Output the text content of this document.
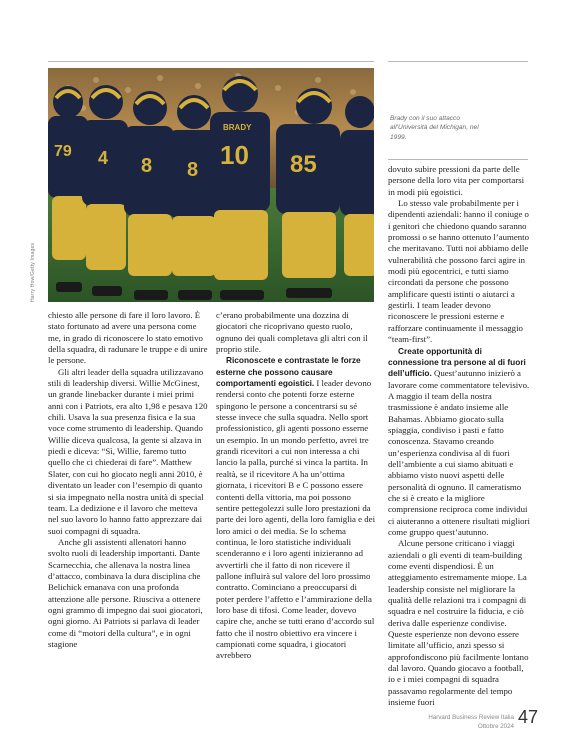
79 4 8 8
BRADY
10 85
Harry How/Getty Images
Brady con il suo attacco all’Università del Michigan, nel 1999.

chiesto alle persone di fare il loro lavoro. È stato fortunato ad avere una persona come me, in grado di riconoscere lo stato emotivo della squadra, di radunare le truppe e di unire le persone.

Gli altri leader della squadra utilizzavano stili di leadership diversi. Willie McGinest, un grande linebacker durante i miei primi anni con i Patriots, era alto 1,98 e pesava 120 chili. Usava la sua presenza fisica e la sua voce come strumento di leadership. Quando Willie diceva qualcosa, la gente si alzava in piedi e diceva: “Sì, Willie, faremo tutto quello che ci chiederai di fare”. Matthew Slater, con cui ho giocato negli anni 2010, è diventato un leader con l’esempio di quanto si sia impegnato nella nostra unità di special team. La dedizione e il lavoro che metteva nel suo lavoro lo hanno fatto apprezzare dai suoi compagni di squadra.

Anche gli assistenti allenatori hanno svolto ruoli di leadership importanti. Dante Scarnecchia, che allenava la nostra linea d’attacco, combinava la dura disciplina che Belichick emanava con una profonda attenzione alle persone. Riusciva a ottenere ogni grammo di impegno dai suoi giocatori, ogni giorno. Ai Patriots si parlava di leader come di “motori della cultura”, e in ogni stagione

c’erano probabilmente una dozzina di giocatori che ricoprivano questo ruolo, ognuno dei quali completava gli altri con il proprio stile.

Riconoscete e contrastate le forze esterne che possono causare comportamenti egoistici. I leader devono rendersi conto che potenti forze esterne spingono le persone a concentrarsi su sé stesse invece che sulla squadra. Nello sport professionistico, gli agenti possono esserne un esempio. In un mondo perfetto, avrei tre grandi ricevitori a cui non interessa a chi lancio la palla, purché si vinca la partita. In realtà, se il ricevitore A ha un’ottima giornata, i ricevitori B e C possono essere contenti della vittoria, ma poi possono sentire pettegolezzi sulle loro prestazioni da parte dei loro agenti, della loro famiglia e dei loro amici o dei media. Se lo schema continua, le loro statistiche individuali scenderanno e i loro agenti inizieranno ad avvertirli che il fatto di non ricevere il pallone influirà sul valore del loro prossimo contratto. Cominciano a preoccuparsi di poter perdere l’affetto e l’ammirazione della loro base di tifosi. Come leader, dovevo capire che, anche se tutti erano d’accordo sul fatto che il nostro obiettivo era vincere i campionati come squadra, i giocatori avrebbero

dovuto subire pressioni da parte delle persone della loro vita per comportarsi in modi più egoistici.

Lo stesso vale probabilmente per i dipendenti aziendali: hanno il coniuge o i genitori che chiedono quando saranno promossi o se hanno ottenuto l’aumento che meritavano. Tutti noi abbiamo delle vulnerabilità che possono farci agire in modi più egocentrici, e tutti siamo circondati da persone che possono amplificare questi istinti o aiutarci a gestirli. I team leader devono riconoscere le pressioni esterne e rafforzare continuamente il messaggio “team-first”.

Create opportunità di connessione tra persone al di fuori dell’ufficio. Quest’autunno inizierò a lavorare come commentatore televisivo. A maggio il team della nostra trasmissione è andato insieme alle Bahamas. Abbiamo giocato sulla spiaggia, condiviso i pasti e fatto conoscenza. Stavamo creando un’esperienza condivisa al di fuori dell’ambiente a cui siamo abituati e abbiamo visto nuovi aspetti delle personalità di ognuno. Il cameratismo che si è creato e la migliore comprensione reciproca come individui ci aiuteranno a ottenere risultati migliori come gruppo quest’autunno.

Alcune persone criticano i viaggi aziendali o gli eventi di team-building come eventi dispendiosi. È un atteggiamento estremamente miope. La leadership consiste nel migliorare la qualità delle relazioni tra i compagni di squadra e nel costruire la fiducia, e ciò deriva dalle esperienze condivise. Queste esperienze non devono essere limitate all’ufficio, anzi spesso si approfondiscono più facilmente lontano dal lavoro. Quando giocavo a football, io e i miei compagni di squadra passavamo regolarmente del tempo insieme fuori

Harvard Business Review Italia
Ottobre 2024 47
